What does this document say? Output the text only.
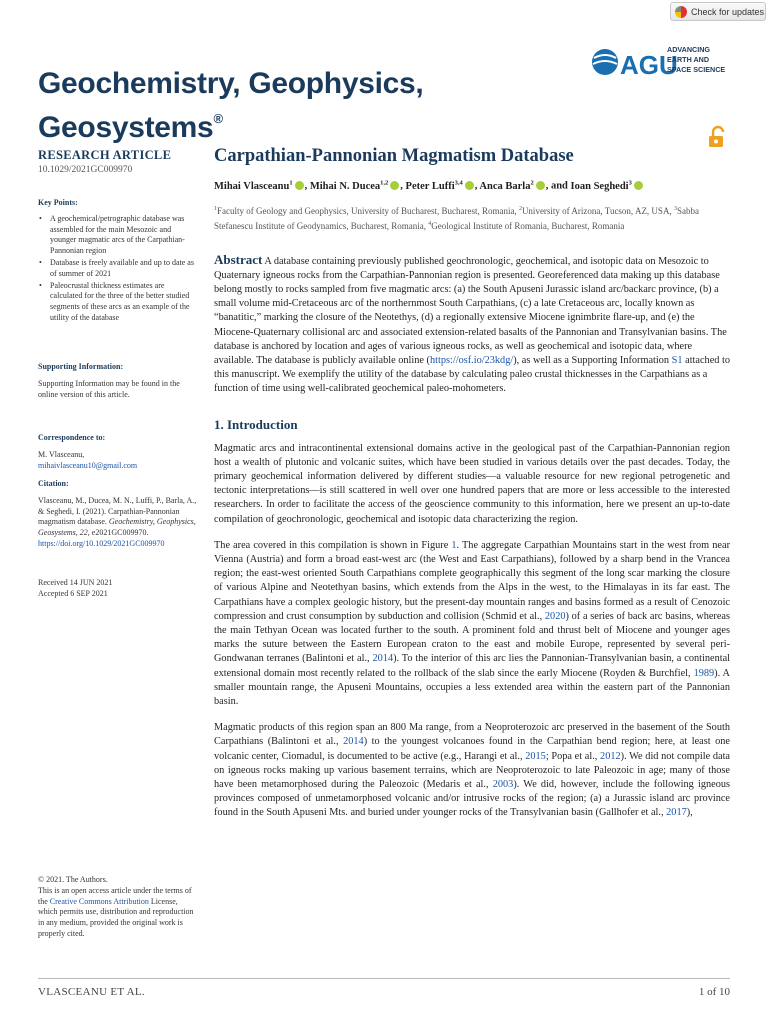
Check for updates
Geochemistry, Geophysics,
Geosystems®
AGU
ADVANCING
EARTH AND
SPACE SCIENCE
RESEARCH ARTICLE
10.1029/2021GC009970
Key Points:
• A geochemical/petrographic database was assembled for the main Mesozoic and younger magmatic arcs of the Carpathian-Pannonian region
• Database is freely available and up to date as of summer of 2021
• Paleocrustal thickness estimates are calculated for the three of the better studied segments of these arcs as an example of the utility of the database
Supporting Information:
Supporting Information may be found in the online version of this article.
Correspondence to:
M. Vlasceanu,
mihaivlasceanu10@gmail.com
Citation:
Vlasceanu, M., Ducea, M. N., Luffi, P., Barla, A., & Seghedi, I. (2021). Carpathian-Pannonian magmatism database. Geochemistry, Geophysics, Geosystems, 22, e2021GC009970.
https://doi.org/10.1029/2021GC009970
Received 14 JUN 2021
Accepted 6 SEP 2021
© 2021. The Authors.
This is an open access article under the terms of the Creative Commons Attribution License, which permits use, distribution and reproduction in any medium, provided the original work is properly cited.
Carpathian-Pannonian Magmatism Database
Mihai Vlasceanu$^1$ , Mihai N. Ducea$^{1,2}$ , Peter Luffi$^{3,4}$ , Anca Barla$^2$ , and Ioan Seghedi$^3$
$^1$Faculty of Geology and Geophysics, University of Bucharest, Bucharest, Romania, $^2$University of Arizona, Tucson, AZ, USA, $^3$Sabba Stefanescu Institute of Geodynamics, Bucharest, Romania, $^4$Geological Institute of Romania, Bucharest, Romania
Abstract A database containing previously published geochronologic, geochemical, and isotopic data on Mesozoic to Quaternary igneous rocks from the Carpathian-Pannonian region is presented. Georeferenced data making up this database belong mostly to rocks sampled from five magmatic arcs: (a) the South Apuseni Jurassic island arc/backarc province, (b) a small volume mid-Cretaceous arc of the northernmost South Carpathians, (c) a late Cretaceous arc, locally known as “banatitic,” marking the closure of the Neotethys, (d) a regionally extensive Miocene ignimbrite flare-up, and (e) the Miocene-Quaternary collisional arc and associated extension-related basalts of the Pannonian and Transylvanian basins. The database is anchored by location and ages of various igneous rocks, as well as geochemical and isotopic data, where available. The database is publicly available online (https://osf.io/23kdg/), as well as a Supporting Information S1 attached to this manuscript. We exemplify the utility of the database by calculating paleo crustal thicknesses in the Carpathians as a function of time using well-calibrated geochemical paleo-mohometers.
1. Introduction
Magmatic arcs and intracontinental extensional domains active in the geological past of the Carpathian-Pannonian region host a wealth of plutonic and volcanic suites, which have been studied in various details over the past decades. Today, the primary geochemical information delivered by different studies—a valuable resource for new regional petrogenetic and tectonic interpretations—is still scattered in well over one hundred papers that are more or less accessible to the interested researchers. In order to facilitate the access of the geoscience community to this information, here we present an up-to-date compilation of geochronologic, geochemical and isotopic data characterizing the region.
The area covered in this compilation is shown in Figure 1. The aggregate Carpathian Mountains start in the west from near Vienna (Austria) and form a broad east-west arc (the West and East Carpathians), followed by a sharp bend in the Vrancea region; the east-west oriented South Carpathians complete geographically this segment of the long scar marking the closure of various Alpine and Neotethyan basins, which extends from the Alps in the west, to the Himalayas in its far east. The Carpathians have a complex geologic history, but the present-day mountain ranges and basins formed as a result of Cenozoic compression and crust consumption by subduction and collision (Schmid et al., 2020) of a series of back arc basins, whereas the main Tethyan Ocean was located further to the south. A prominent fold and thrust belt of Miocene and younger ages marks the suture between the Eastern European craton to the east and mobile Europe, represented by several peri-Gondwanan terranes (Balintoni et al., 2014). To the interior of this arc lies the Pannonian-Transylvanian basin, a continental extensional domain most recently related to the rollback of the slab since the early Miocene (Royden & Burchfiel, 1989). A smaller mountain range, the Apuseni Mountains, occupies a less extended area within the eastern part of the Pannonian basin.
Magmatic products of this region span an 800 Ma range, from a Neoproterozoic arc preserved in the basement of the South Carpathians (Balintoni et al., 2014) to the youngest volcanoes found in the Carpathian bend region; here, at least one volcanic center, Ciomadul, is documented to be active (e.g., Harangi et al., 2015; Popa et al., 2012). We did not compile data on igneous rocks making up various basement terrains, which are Neoproterozoic to late Paleozoic in age; many of those have been metamorphosed during the Paleozoic (Medaris et al., 2003). We did, however, include the following igneous provinces composed of unmetamorphosed volcanic and/or intrusive rocks of the region; (a) a Jurassic island arc province found in the South Apuseni Mts. and buried under younger rocks of the Transylvanian basin (Gallhofer et al., 2017),
VLASCEANU ET AL.	1 of 10
